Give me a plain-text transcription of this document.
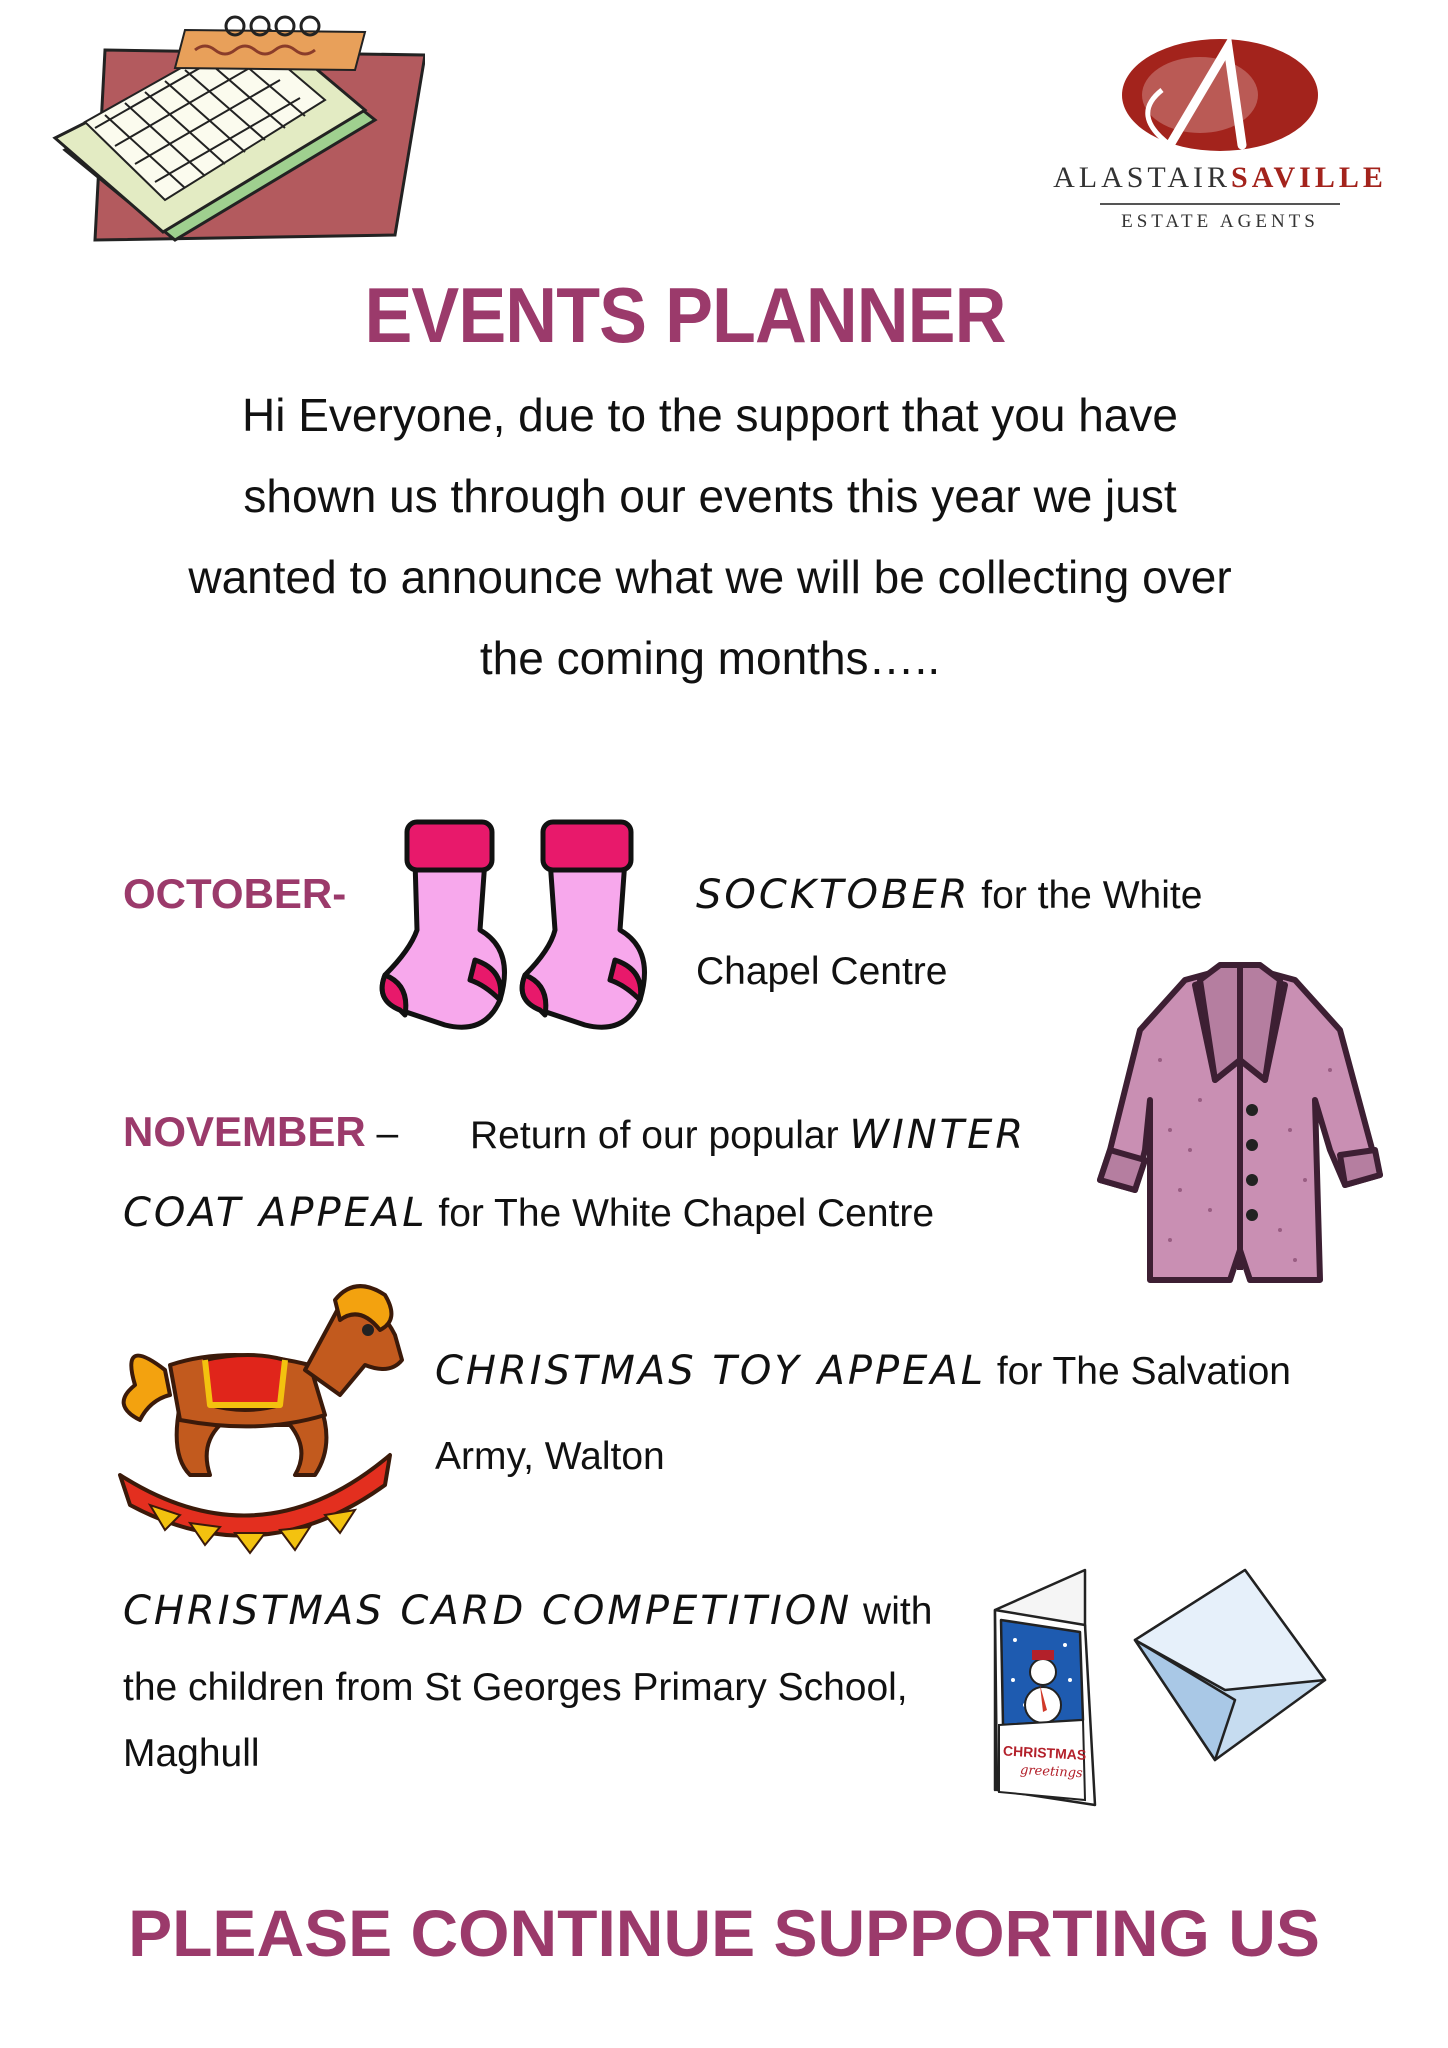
ALASTAIRSAVILLE
ESTATE AGENTS
EVENTS PLANNER
Hi Everyone, due to the support that you have shown us through our events this year we just wanted to announce what we will be collecting over the coming months…..
OCTOBER-	SOCKTOBER for the White
Chapel Centre
NOVEMBER – Return of our popular WINTER
COAT APPEAL for The White Chapel Centre
CHRISTMAS TOY APPEAL for The Salvation
Army, Walton
CHRISTMAS CARD COMPETITION with
the children from St Georges Primary School,
Maghull	CHRISTMAS
greetings
PLEASE CONTINUE SUPPORTING US
